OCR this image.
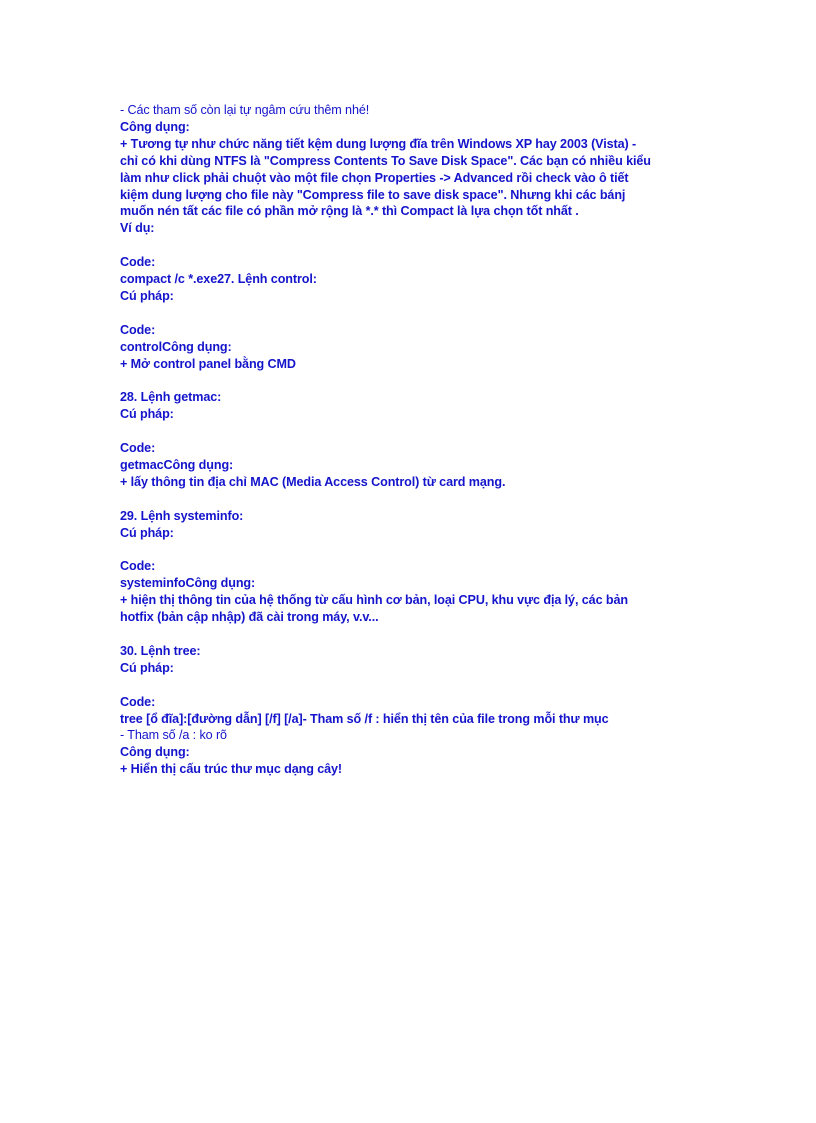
- Các tham số còn lại tự ngâm cứu thêm nhé!
Công dụng:
+ Tương tự như chức năng tiết kệm dung lượng đĩa trên Windows XP hay 2003 (Vista) -
chỉ có khi dùng NTFS là "Compress Contents To Save Disk Space". Các bạn có nhiều kiểu
làm như click phải chuột vào một file chọn Properties -> Advanced rồi check vào ô tiết
kiệm dung lượng cho file này "Compress file to save disk space". Nhưng khi các bánj
muốn nén tất các file có phần mở rộng là *.* thì Compact là lựa chọn tốt nhất .
Ví dụ:
Code:
compact /c *.exe27. Lệnh control:
Cú pháp:
Code:
controlCông dụng:
+ Mở control panel bằng CMD
28. Lệnh getmac:
Cú pháp:
Code:
getmacCông dụng:
+ lấy thông tin địa chỉ MAC (Media Access Control) từ card mạng.
29. Lệnh systeminfo:
Cú pháp:
Code:
systeminfoCông dụng:
+ hiện thị thông tin của hệ thống từ cấu hình cơ bản, loại CPU, khu vực địa lý, các bản
hotfix (bản cập nhập) đã cài trong máy, v.v...
30. Lệnh tree:
Cú pháp:
Code:
tree [ổ đĩa]:[đường dẫn] [/f] [/a]- Tham số /f : hiển thị tên của file trong mỗi thư mục
- Tham số /a : ko rõ
Công dụng:
+ Hiển thị cấu trúc thư mục dạng cây!
